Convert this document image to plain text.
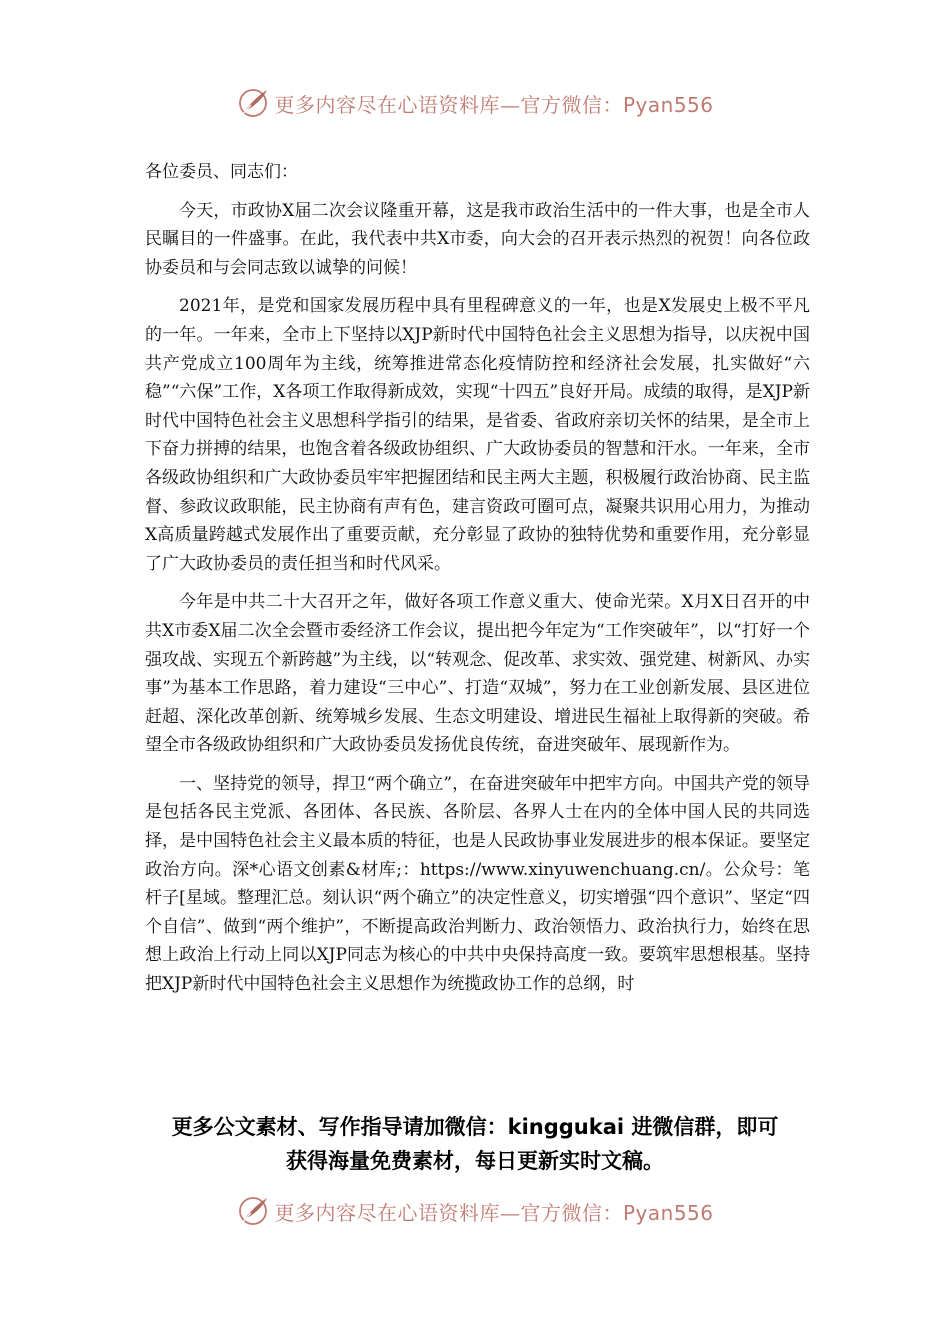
更多内容尽在心语资料库—官方微信：Pyan556

各位委员、同志们：

今天，市政协X届二次会议隆重开幕，这是我市政治生活中的一件大事，也是全市人民瞩目的一件盛事。在此，我代表中共X市委，向大会的召开表示热烈的祝贺！向各位政协委员和与会同志致以诚挚的问候！

2021年，是党和国家发展历程中具有里程碑意义的一年，也是X发展史上极不平凡的一年。一年来，全市上下坚持以XJP新时代中国特色社会主义思想为指导，以庆祝中国共产党成立100周年为主线，统筹推进常态化疫情防控和经济社会发展，扎实做好“六稳”“六保”工作，X各项工作取得新成效，实现“十四五”良好开局。成绩的取得，是XJP新时代中国特色社会主义思想科学指引的结果，是省委、省政府亲切关怀的结果，是全市上下奋力拼搏的结果，也饱含着各级政协组织、广大政协委员的智慧和汗水。一年来，全市各级政协组织和广大政协委员牢牢把握团结和民主两大主题，积极履行政治协商、民主监督、参政议政职能，民主协商有声有色，建言资政可圈可点，凝聚共识用心用力，为推动X高质量跨越式发展作出了重要贡献，充分彰显了政协的独特优势和重要作用，充分彰显了广大政协委员的责任担当和时代风采。

今年是中共二十大召开之年，做好各项工作意义重大、使命光荣。X月X日召开的中共X市委X届二次全会暨市委经济工作会议，提出把今年定为“工作突破年”，以“打好一个强攻战、实现五个新跨越”为主线，以“转观念、促改革、求实效、强党建、树新风、办实事”为基本工作思路，着力建设“三中心”、打造“双城”，努力在工业创新发展、县区进位赶超、深化改革创新、统筹城乡发展、生态文明建设、增进民生福祉上取得新的突破。希望全市各级政协组织和广大政协委员发扬优良传统，奋进突破年、展现新作为。

一、坚持党的领导，捍卫“两个确立”，在奋进突破年中把牢方向。中国共产党的领导是包括各民主党派、各团体、各民族、各阶层、各界人士在内的全体中国人民的共同选择，是中国特色社会主义最本质的特征，也是人民政协事业发展进步的根本保证。要坚定政治方向。深*心语文创素&材库;：https://www.xinyuwenchuang.cn/。公众号：笔杆子[星域。整理汇总。刻认识“两个确立”的决定性意义，切实增强“四个意识”、坚定“四个自信”、做到“两个维护”，不断提高政治判断力、政治领悟力、政治执行力，始终在思想上政治上行动上同以XJP同志为核心的中共中央保持高度一致。要筑牢思想根基。坚持把XJP新时代中国特色社会主义思想作为统揽政协工作的总纲，时

更多公文素材、写作指导请加微信：kinggukai 进微信群，即可
获得海量免费素材，每日更新实时文稿。
更多内容尽在心语资料库—官方微信：Pyan556
